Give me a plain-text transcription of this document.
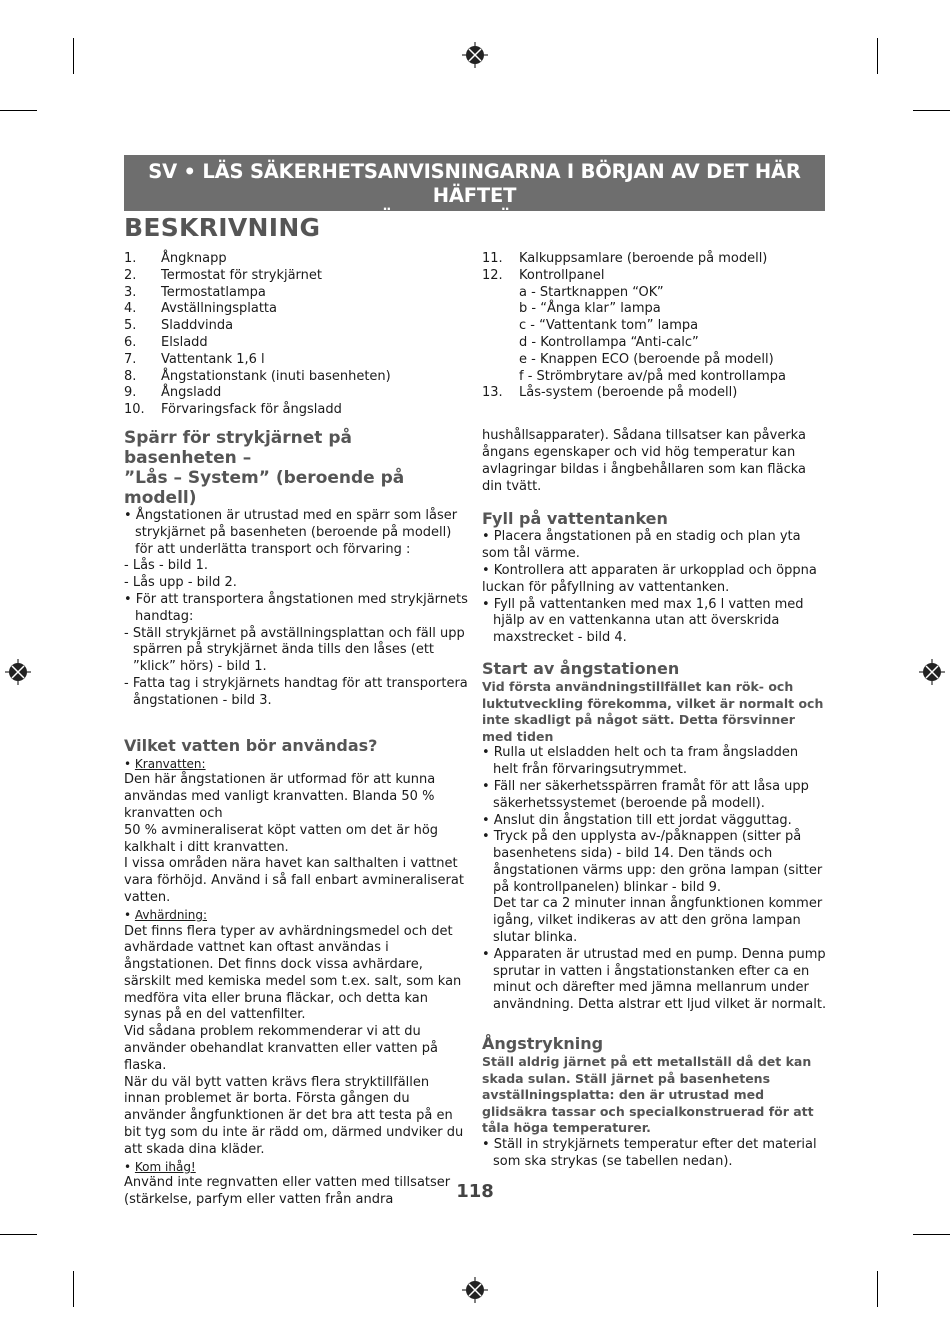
SV • LÄS SÄKERHETSANVISNINGARNA I BÖRJAN AV DET HÄR HÄFTET
INNAN DU BÖRJAR ANVÄNDA APPARATEN.
BESKRIVNING
1.	Ångknapp
2.	Termostat för strykjärnet
3.	Termostatlampa
4.	Avställningsplatta
5.	Sladdvinda
6.	Elsladd
7.	Vattentank 1,6 l
8.	Ångstationstank (inuti basenheten)
9.	Ångsladd
10.	Förvaringsfack för ångsladd

Spärr för strykjärnet på basenheten –

”Lås – System” (beroende på modell)

• Ångstationen är utrustad med en spärr som låser strykjärnet på basenheten (beroende på modell) för att underlätta transport och förvaring :

- Lås - bild 1.

- Lås upp - bild 2.

• För att transportera ångstationen med strykjärnets handtag:

- Ställ strykjärnet på avställningsplattan och fäll upp spärren på strykjärnet ända tills den låses (ett ”klick” hörs) - bild 1.

- Fatta tag i strykjärnets handtag för att transportera ångstationen - bild 3.

Vilket vatten bör användas?

• Kranvatten:

Den här ångstationen är utformad för att kunna användas med vanligt kranvatten. Blanda 50 % kranvatten och

50 % avmineraliserat köpt vatten om det är hög kalkhalt i ditt kranvatten.

I vissa områden nära havet kan salthalten i vattnet vara förhöjd. Använd i så fall enbart avmineraliserat vatten.

• Avhärdning:

Det finns flera typer av avhärdningsmedel och det avhärdade vattnet kan oftast användas i ångstationen. Det finns dock vissa avhärdare, särskilt med kemiska medel som t.ex. salt, som kan medföra vita eller bruna fläckar, och detta kan synas på en del vattenfilter.

Vid sådana problem rekommenderar vi att du använder obehandlat kranvatten eller vatten på flaska.

När du väl bytt vatten krävs flera stryktillfällen innan problemet är borta. Första gången du använder ångfunktionen är det bra att testa på en bit tyg som du inte är rädd om, därmed undviker du att skada dina kläder.

• Kom ihåg!

Använd inte regnvatten eller vatten med tillsatser (stärkelse, parfym eller vatten från andra

11.	Kalkuppsamlare (beroende på modell)
12.	Kontrollpanel
a - Startknappen “OK”
b - “Ånga klar” lampa
c - “Vattentank tom” lampa
d - Kontrollampa “Anti-calc”
e - Knappen ECO (beroende på modell)
f - Strömbrytare av/på med kontrollampa
13.	Lås-system (beroende på modell)

hushållsapparater). Sådana tillsatser kan påverka ångans egenskaper och vid hög temperatur kan avlagringar bildas i ångbehållaren som kan fläcka din tvätt.

Fyll på vattentanken

• Placera ångstationen på en stadig och plan yta som tål värme.

• Kontrollera att apparaten är urkopplad och öppna luckan för påfyllning av vattentanken.

• Fyll på vattentanken med max 1,6 l vatten med hjälp av en vattenkanna utan att överskrida maxstrecket - bild 4.

Start av ångstationen

Vid första användningstillfället kan rök- och luktutveckling förekomma, vilket är normalt och inte skadligt på något sätt. Detta försvinner med tiden

• Rulla ut elsladden helt och ta fram ångsladden helt från förvaringsutrymmet.

• Fäll ner säkerhetsspärren framåt för att låsa upp säkerhetssystemet (beroende på modell).

• Anslut din ångstation till ett jordat vägguttag.

• Tryck på den upplysta av-/påknappen (sitter på basenhetens sida) - bild 14. Den tänds och ångstationen värms upp: den gröna lampan (sitter på kontrollpanelen) blinkar - bild 9.

Det tar ca 2 minuter innan ångfunktionen kommer igång, vilket indikeras av att den gröna lampan slutar blinka.

• Apparaten är utrustad med en pump. Denna pump sprutar in vatten i ångstationstanken efter ca en minut och därefter med jämna mellanrum under användning. Detta alstrar ett ljud vilket är normalt.

Ångstrykning

Ställ aldrig järnet på ett metallställ då det kan skada sulan. Ställ järnet på basenhetens avställningsplatta: den är utrustad med glidsäkra tassar och specialkonstruerad för att tåla höga temperaturer.

• Ställ in strykjärnets temperatur efter det material som ska strykas (se tabellen nedan).

118
